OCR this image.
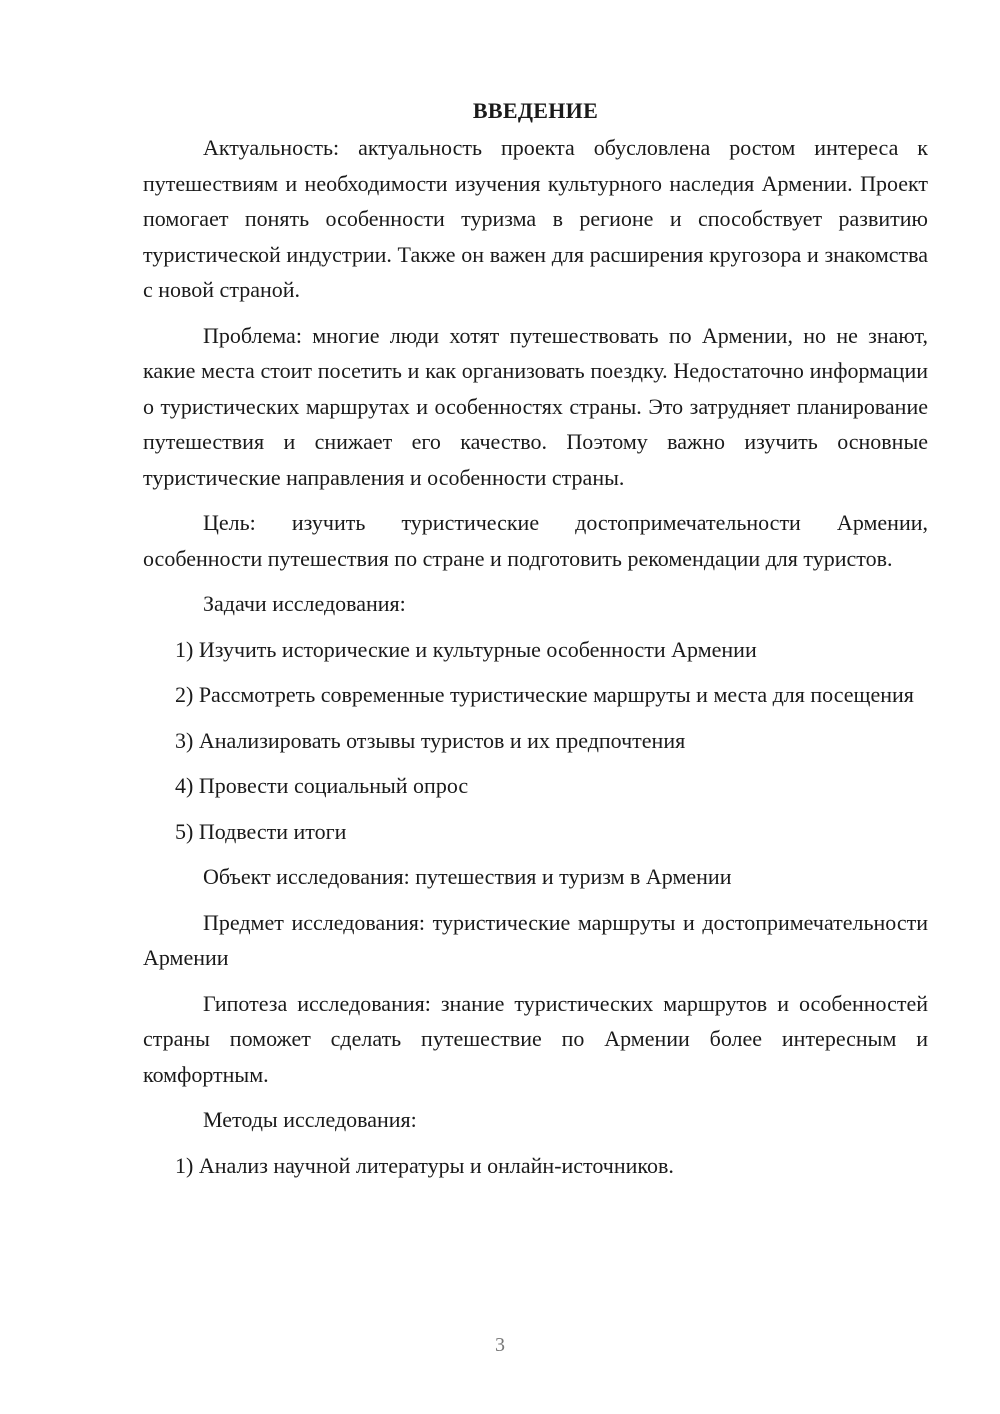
ВВЕДЕНИЕ

Актуальность: актуальность проекта обусловлена ростом интереса к путешествиям и необходимости изучения культурного наследия Армении. Проект помогает понять особенности туризма в регионе и способствует развитию туристической индустрии. Также он важен для расширения кругозора и знакомства с новой страной.

Проблема: многие люди хотят путешествовать по Армении, но не знают, какие места стоит посетить и как организовать поездку. Недостаточно информации о туристических маршрутах и особенностях страны. Это затрудняет планирование путешествия и снижает его качество. Поэтому важно изучить основные туристические направления и особенности страны.

Цель: изучить туристические достопримечательности Армении, особенности путешествия по стране и подготовить рекомендации для туристов.

Задачи исследования:

1) Изучить исторические и культурные особенности Армении

2) Рассмотреть современные туристические маршруты и места для посещения

3) Анализировать отзывы туристов и их предпочтения

4) Провести социальный опрос

5) Подвести итоги

Объект исследования: путешествия и туризм в Армении

Предмет исследования: туристические маршруты и достопримечательности Армении

Гипотеза исследования: знание туристических маршрутов и особенностей страны поможет сделать путешествие по Армении более интересным и комфортным.

Методы исследования:

1) Анализ научной литературы и онлайн-источников.

3
